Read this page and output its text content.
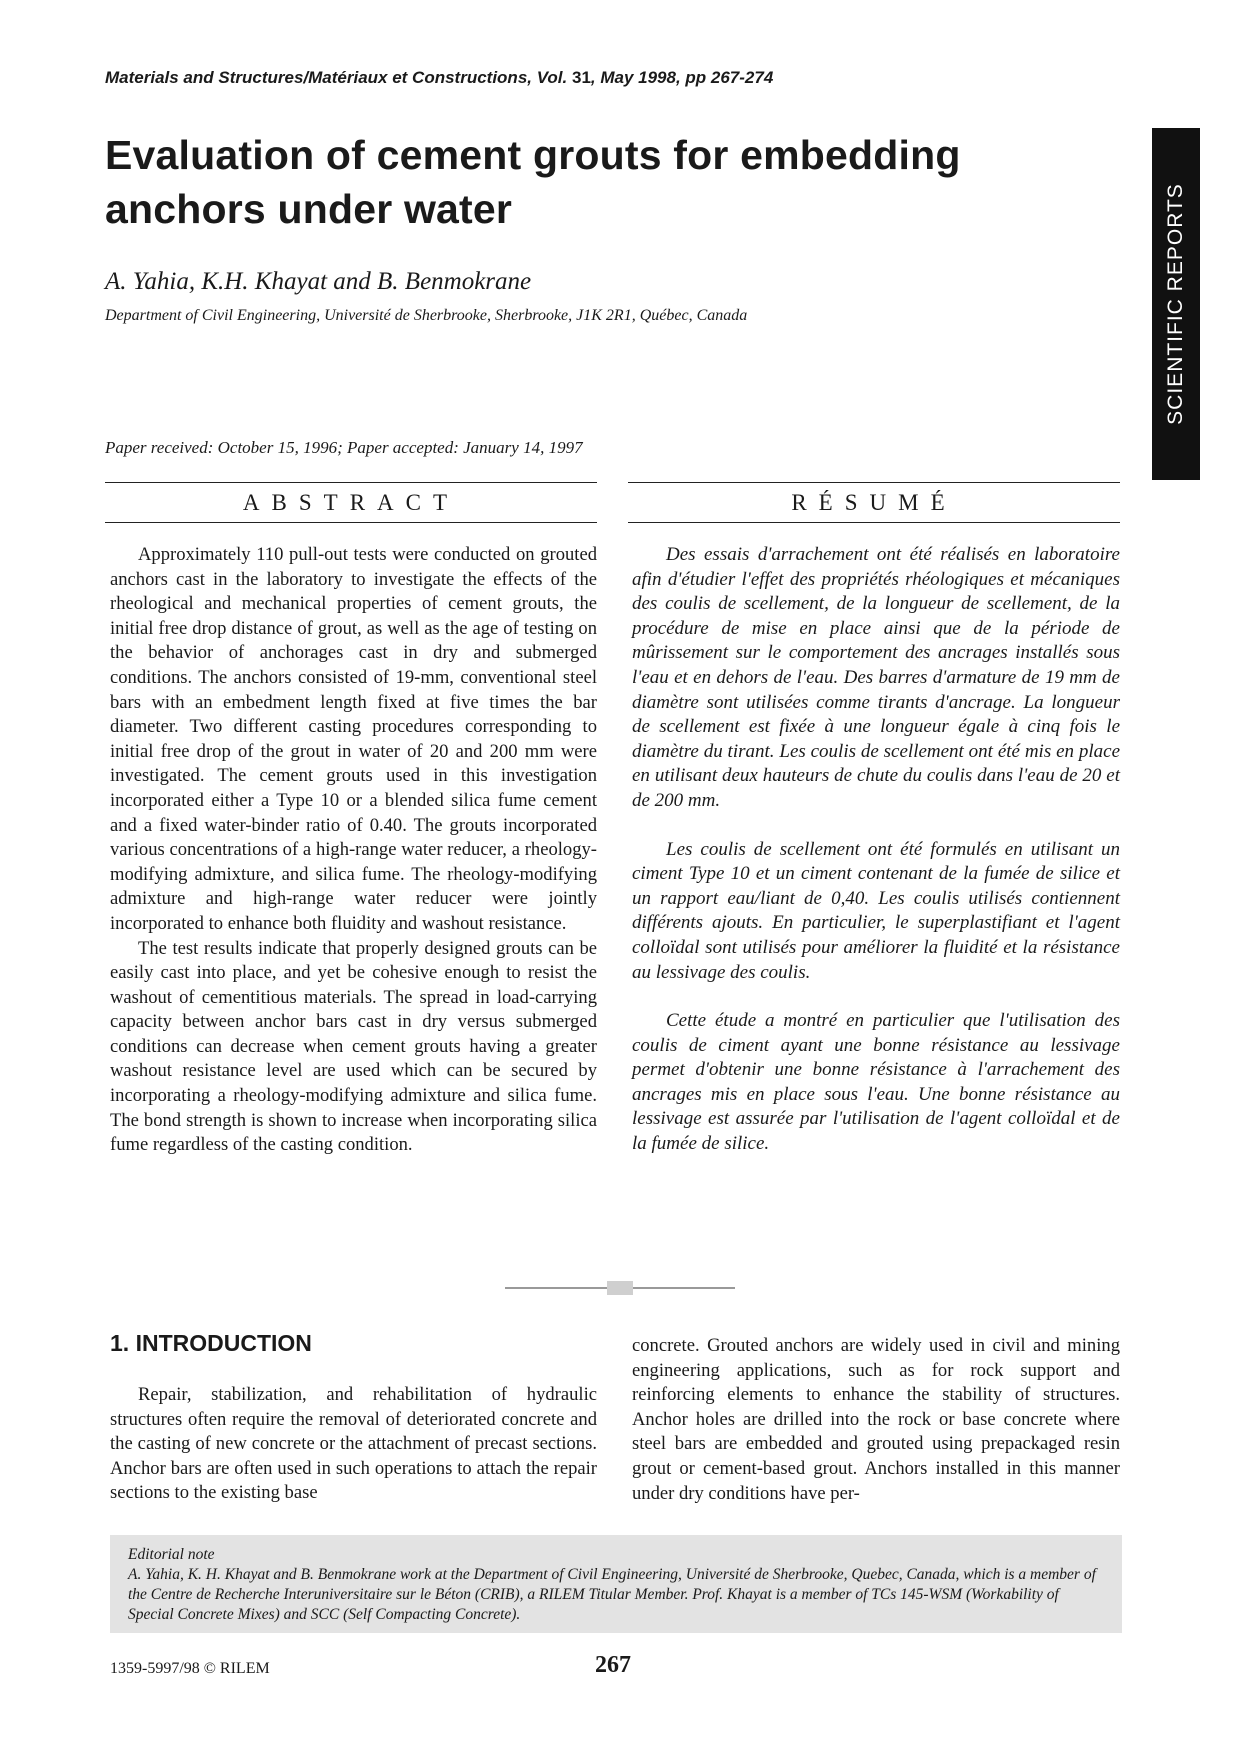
Materials and Structures/Matériaux et Constructions, Vol. 31, May 1998, pp 267-274
Evaluation of cement grouts for embedding anchors under water	SCIENTIFIC REPORTS
A. Yahia, K.H. Khayat and B. Benmokrane
Department of Civil Engineering, Université de Sherbrooke, Sherbrooke, J1K 2R1, Québec, Canada
Paper received: October 15, 1996; Paper accepted: January 14, 1997
ABSTRACT	RÉSUMÉ

Approximately 110 pull-out tests were conducted on grouted anchors cast in the laboratory to investigate the effects of the rheological and mechanical properties of cement grouts, the initial free drop distance of grout, as well as the age of testing on the behavior of anchorages cast in dry and submerged conditions. The anchors consisted of 19-mm, conventional steel bars with an embedment length fixed at five times the bar diameter. Two different casting procedures corresponding to initial free drop of the grout in water of 20 and 200 mm were investigated. The cement grouts used in this investigation incorporated either a Type 10 or a blended silica fume cement and a fixed water-binder ratio of 0.40. The grouts incorporated various concentrations of a high-range water reducer, a rheology-modifying admixture, and silica fume. The rheology-modifying admixture and high-range water reducer were jointly incorporated to enhance both fluidity and washout resistance.

The test results indicate that properly designed grouts can be easily cast into place, and yet be cohesive enough to resist the washout of cementitious materials. The spread in load-carrying capacity between anchor bars cast in dry versus submerged conditions can decrease when cement grouts having a greater washout resistance level are used which can be secured by incorporating a rheology-modifying admixture and silica fume. The bond strength is shown to increase when incorporating silica fume regardless of the casting condition.

Des essais d'arrachement ont été réalisés en laboratoire afin d'étudier l'effet des propriétés rhéologiques et mécaniques des coulis de scellement, de la longueur de scellement, de la procédure de mise en place ainsi que de la période de mûrissement sur le comportement des ancrages installés sous l'eau et en dehors de l'eau. Des barres d'armature de 19 mm de diamètre sont utilisées comme tirants d'ancrage. La longueur de scellement est fixée à une longueur égale à cinq fois le diamètre du tirant. Les coulis de scellement ont été mis en place en utilisant deux hauteurs de chute du coulis dans l'eau de 20 et de 200 mm.

Les coulis de scellement ont été formulés en utilisant un ciment Type 10 et un ciment contenant de la fumée de silice et un rapport eau/liant de 0,40. Les coulis utilisés contiennent différents ajouts. En particulier, le superplastifiant et l'agent colloïdal sont utilisés pour améliorer la fluidité et la résistance au lessivage des coulis.

Cette étude a montré en particulier que l'utilisation des coulis de ciment ayant une bonne résistance au lessivage permet d'obtenir une bonne résistance à l'arrachement des ancrages mis en place sous l'eau. Une bonne résistance au lessivage est assurée par l'utilisation de l'agent colloïdal et de la fumée de silice.

1. INTRODUCTION

Repair, stabilization, and rehabilitation of hydraulic structures often require the removal of deteriorated concrete and the casting of new concrete or the attachment of precast sections. Anchor bars are often used in such operations to attach the repair sections to the existing base

concrete. Grouted anchors are widely used in civil and mining engineering applications, such as for rock support and reinforcing elements to enhance the stability of structures. Anchor holes are drilled into the rock or base concrete where steel bars are embedded and grouted using prepackaged resin grout or cement-based grout. Anchors installed in this manner under dry conditions have per-

Editorial note

A. Yahia, K. H. Khayat and B. Benmokrane work at the Department of Civil Engineering, Université de Sherbrooke, Quebec, Canada, which is a member of the Centre de Recherche Interuniversitaire sur le Béton (CRIB), a RILEM Titular Member. Prof. Khayat is a member of TCs 145-WSM (Workability of Special Concrete Mixes) and SCC (Self Compacting Concrete).

1359-5997/98 © RILEM	267
